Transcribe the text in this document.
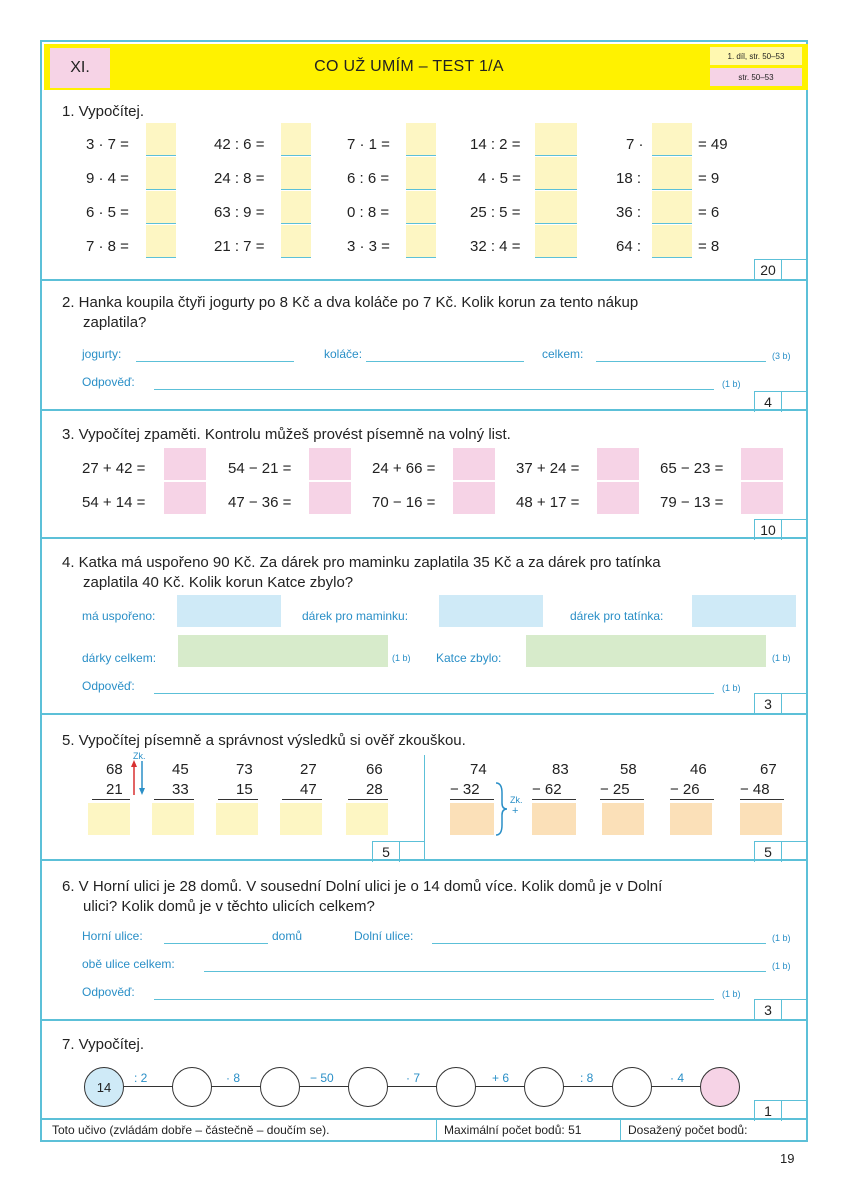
XI.	CO UŽ UMÍM – TEST 1/A
1. díl, str. 50–53
str. 50–53
1. Vypočítej.
3 · 7 =	42 : 6 =	7 · 1 =	14 : 2 =	7 ·	= 49
9 · 4 =	24 : 8 =	6 : 6 =	4 · 5 =	18 :	= 9
6 · 5 =	63 : 9 =	0 : 8 =	25 : 5 =	36 :	= 6
7 · 8 =	21 : 7 =	3 · 3 =	32 : 4 =	64 :	= 8
20
2. Hanka koupila čtyři jogurty po 8 Kč a dva koláče po 7 Kč. Kolik korun za tento nákup
zaplatila?
jogurty:	koláče:	celkem:	(3 b)
Odpověď:	(1 b)
4
3. Vypočítej zpaměti. Kontrolu můžeš provést písemně na volný list.
27 + 42 =	54 − 21 =	24 + 66 =	37 + 24 =	65 − 23 =
54 + 14 =	47 − 36 =	70 − 16 =	48 + 17 =	79 − 13 =
10
4. Katka má uspořeno 90 Kč. Za dárek pro maminku zaplatila 35 Kč a za dárek pro tatínka
zaplatila 40 Kč. Kolik korun Katce zbylo?
má uspořeno:	dárek pro maminku:	dárek pro tatínka:
dárky celkem:	(1 b) Katce zbylo:	(1 b)
Odpověď:	(1 b)
3
5. Vypočítej písemně a správnost výsledků si ověř zkouškou.
68
21
45
33
73
15
27
47
66
28
Zk.
5
74
− 32
83
− 62
58
− 25
46
− 26
67
− 48
Zk.
+
5
6. V Horní ulici je 28 domů. V sousední Dolní ulici je o 14 domů více. Kolik domů je v Dolní
ulici? Kolik domů je v těchto ulicích celkem?
Horní ulice:	domů	Dolní ulice:	(1 b)
obě ulice celkem:	(1 b)
Odpověď:	(1 b)
3
7. Vypočítej.
14
: 2	· 8	− 50	· 7	+ 6	: 8	· 4
1
Toto učivo (zvládám dobře – částečně – doučím se).	Maximální počet bodů: 51	Dosažený počet bodů:
19
